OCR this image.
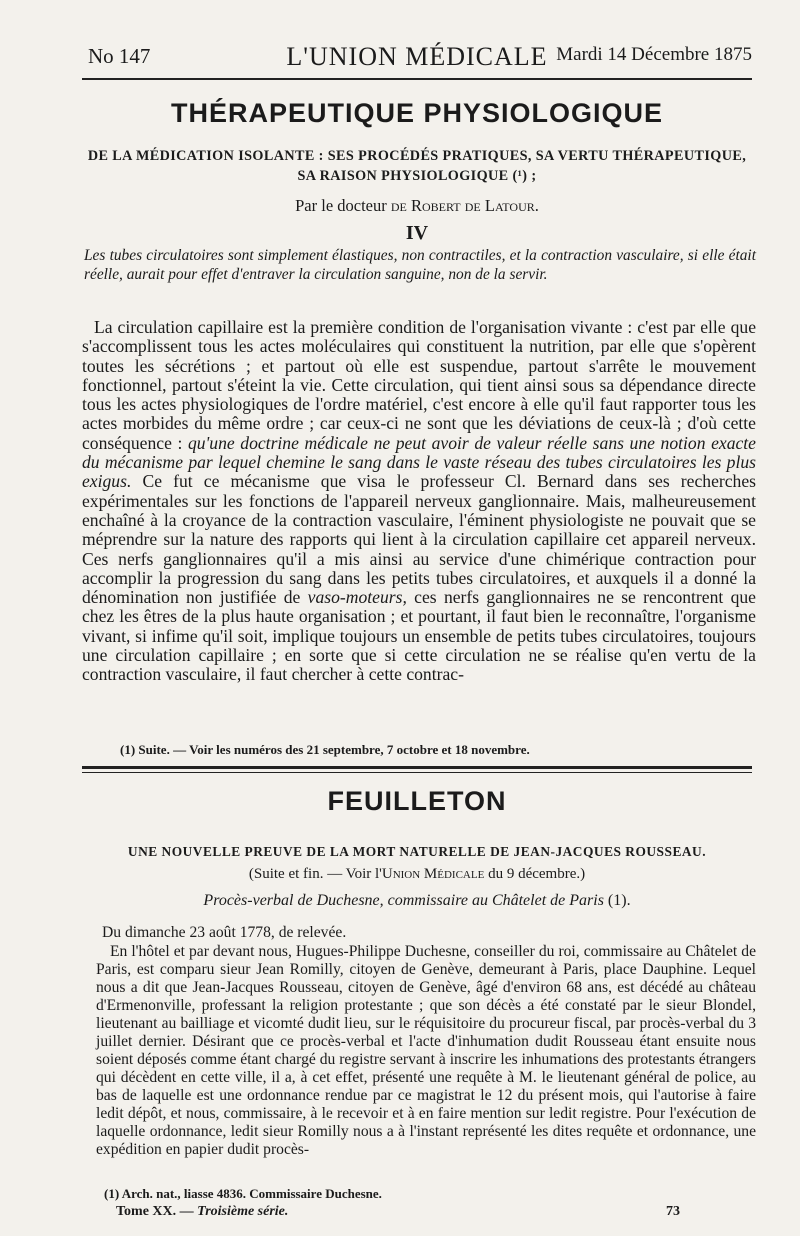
No 147	L'UNION MÉDICALE Mardi 14 Décembre 1875
THÉRAPEUTIQUE PHYSIOLOGIQUE
DE LA MÉDICATION ISOLANTE : SES PROCÉDÉS PRATIQUES, SA VERTU THÉRAPEUTIQUE, SA RAISON PHYSIOLOGIQUE (¹) ;
Par le docteur de Robert de Latour.
IV
Les tubes circulatoires sont simplement élastiques, non contractiles, et la contraction vasculaire, si elle était réelle, aurait pour effet d'entraver la circulation sanguine, non de la servir.

La circulation capillaire est la première condition de l'organisation vivante : c'est par elle que s'accomplissent tous les actes moléculaires qui constituent la nutrition, par elle que s'opèrent toutes les sécrétions ; et partout où elle est suspendue, partout s'arrête le mouvement fonctionnel, partout s'éteint la vie. Cette circulation, qui tient ainsi sous sa dépendance directe tous les actes physiologiques de l'ordre matériel, c'est encore à elle qu'il faut rapporter tous les actes morbides du même ordre ; car ceux-ci ne sont que les déviations de ceux-là ; d'où cette conséquence : qu'une doctrine médicale ne peut avoir de valeur réelle sans une notion exacte du mécanisme par lequel chemine le sang dans le vaste réseau des tubes circulatoires les plus exigus. Ce fut ce mécanisme que visa le professeur Cl. Bernard dans ses recherches expérimentales sur les fonctions de l'appareil nerveux ganglionnaire. Mais, malheureusement enchaîné à la croyance de la contraction vasculaire, l'éminent physiologiste ne pouvait que se méprendre sur la nature des rapports qui lient à la circulation capillaire cet appareil nerveux. Ces nerfs ganglionnaires qu'il a mis ainsi au service d'une chimérique contraction pour accomplir la progression du sang dans les petits tubes circulatoires, et auxquels il a donné la dénomination non justifiée de vaso-moteurs, ces nerfs ganglionnaires ne se rencontrent que chez les êtres de la plus haute organisation ; et pourtant, il faut bien le reconnaître, l'organisme vivant, si infime qu'il soit, implique toujours un ensemble de petits tubes circulatoires, toujours une circulation capillaire ; en sorte que si cette circulation ne se réalise qu'en vertu de la contraction vasculaire, il faut chercher à cette contrac-

(1) Suite. — Voir les numéros des 21 septembre, 7 octobre et 18 novembre.
FEUILLETON
UNE NOUVELLE PREUVE DE LA MORT NATURELLE DE JEAN-JACQUES ROUSSEAU.
(Suite et fin. — Voir l'Union Médicale du 9 décembre.)
Procès-verbal de Duchesne, commissaire au Châtelet de Paris (1).

Du dimanche 23 août 1778, de relevée.

En l'hôtel et par devant nous, Hugues-Philippe Duchesne, conseiller du roi, commissaire au Châtelet de Paris, est comparu sieur Jean Romilly, citoyen de Genève, demeurant à Paris, place Dauphine. Lequel nous a dit que Jean-Jacques Rousseau, citoyen de Genève, âgé d'environ 68 ans, est décédé au château d'Ermenonville, professant la religion protestante ; que son décès a été constaté par le sieur Blondel, lieutenant au bailliage et vicomté dudit lieu, sur le réquisitoire du procureur fiscal, par procès-verbal du 3 juillet dernier. Désirant que ce procès-verbal et l'acte d'inhumation dudit Rousseau étant ensuite nous soient déposés comme étant chargé du registre servant à inscrire les inhumations des protestants étrangers qui décèdent en cette ville, il a, à cet effet, présenté une requête à M. le lieutenant général de police, au bas de laquelle est une ordonnance rendue par ce magistrat le 12 du présent mois, qui l'autorise à faire ledit dépôt, et nous, commissaire, à le recevoir et à en faire mention sur ledit registre. Pour l'exécution de laquelle ordonnance, ledit sieur Romilly nous a à l'instant représenté les dites requête et ordonnance, une expédition en papier dudit procès-

(1) Arch. nat., liasse 4836. Commissaire Duchesne.
Tome XX. — Troisième série.	73
